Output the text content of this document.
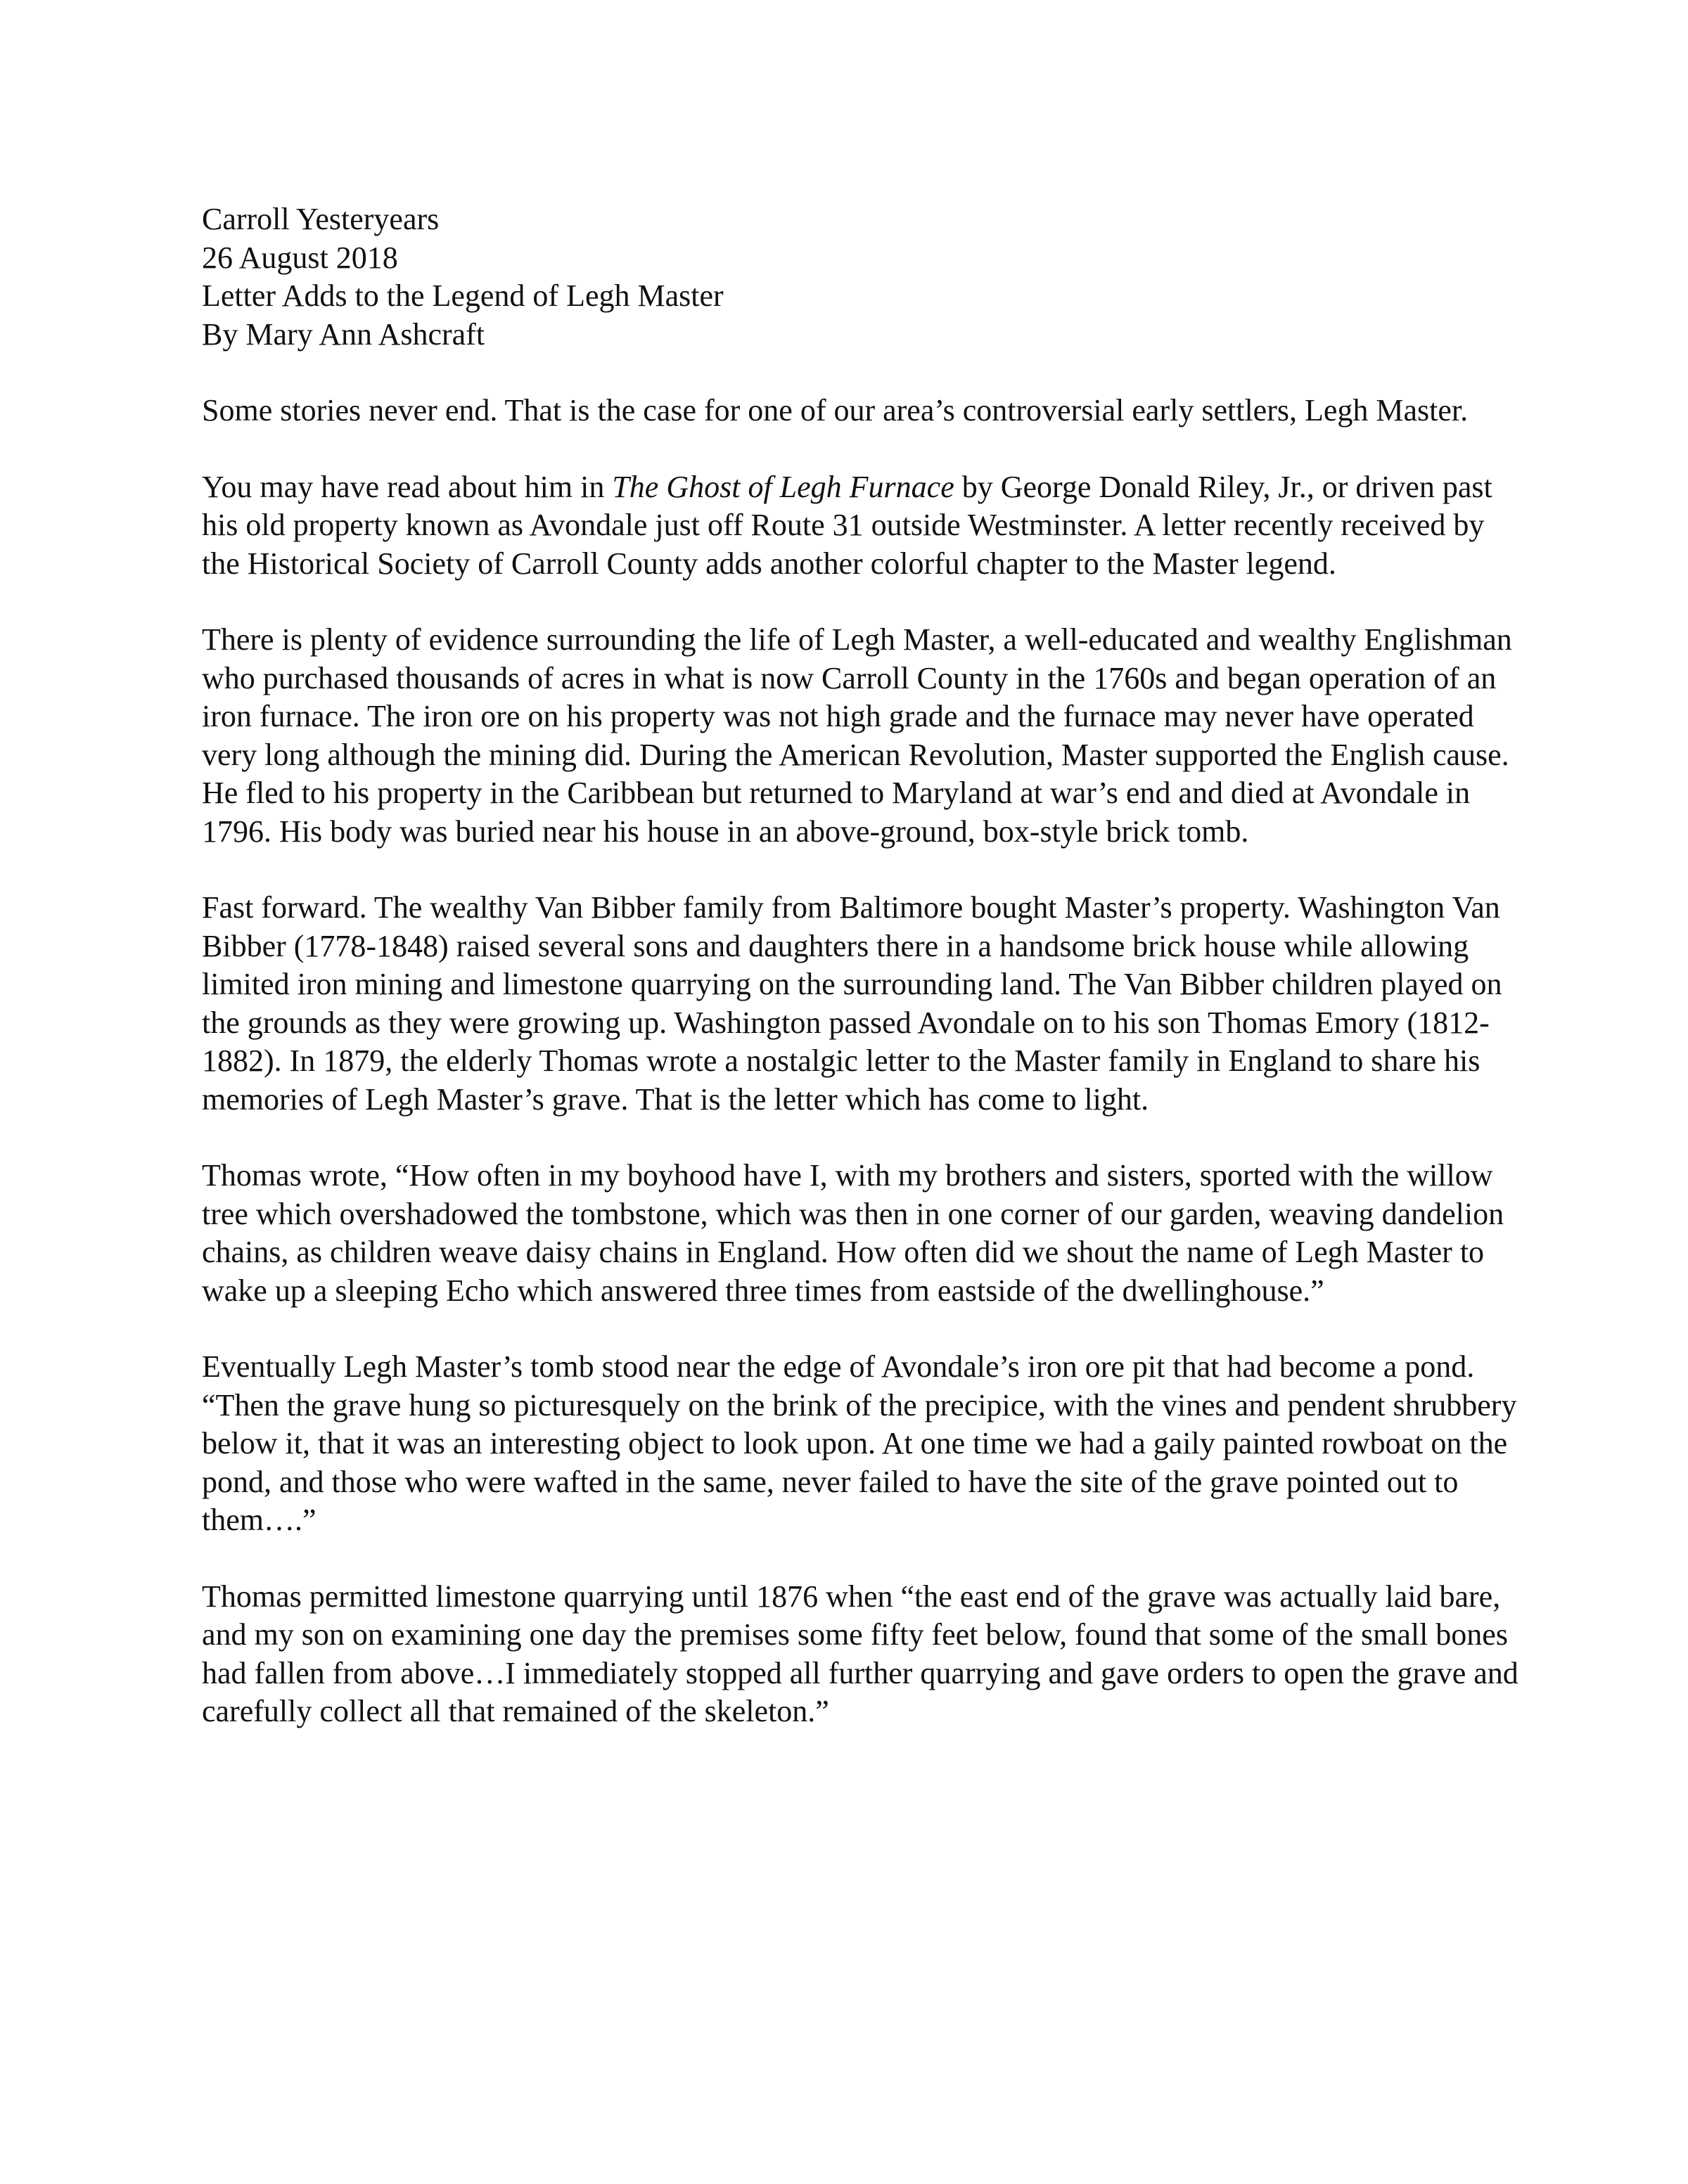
Carroll Yesteryears
26 August 2018
Letter Adds to the Legend of Legh Master
By Mary Ann Ashcraft

Some stories never end. That is the case for one of our area’s controversial early settlers, Legh Master.

You may have read about him in The Ghost of Legh Furnace by George Donald Riley, Jr., or driven past his old property known as Avondale just off Route 31 outside Westminster. A letter recently received by the Historical Society of Carroll County adds another colorful chapter to the Master legend.

There is plenty of evidence surrounding the life of Legh Master, a well-educated and wealthy Englishman who purchased thousands of acres in what is now Carroll County in the 1760s and began operation of an iron furnace. The iron ore on his property was not high grade and the furnace may never have operated very long although the mining did. During the American Revolution, Master supported the English cause. He fled to his property in the Caribbean but returned to Maryland at war’s end and died at Avondale in 1796. His body was buried near his house in an above-ground, box-style brick tomb.

Fast forward. The wealthy Van Bibber family from Baltimore bought Master’s property. Washington Van Bibber (1778-1848) raised several sons and daughters there in a handsome brick house while allowing limited iron mining and limestone quarrying on the surrounding land. The Van Bibber children played on the grounds as they were growing up. Washington passed Avondale on to his son Thomas Emory (1812-1882). In 1879, the elderly Thomas wrote a nostalgic letter to the Master family in England to share his memories of Legh Master’s grave. That is the letter which has come to light.

Thomas wrote, “How often in my boyhood have I, with my brothers and sisters, sported with the willow tree which overshadowed the tombstone, which was then in one corner of our garden, weaving dandelion chains, as children weave daisy chains in England. How often did we shout the name of Legh Master to wake up a sleeping Echo which answered three times from eastside of the dwellinghouse.”

Eventually Legh Master’s tomb stood near the edge of Avondale’s iron ore pit that had become a pond. “Then the grave hung so picturesquely on the brink of the precipice, with the vines and pendent shrubbery below it, that it was an interesting object to look upon. At one time we had a gaily painted rowboat on the pond, and those who were wafted in the same, never failed to have the site of the grave pointed out to them….”

Thomas permitted limestone quarrying until 1876 when “the east end of the grave was actually laid bare, and my son on examining one day the premises some fifty feet below, found that some of the small bones had fallen from above…I immediately stopped all further quarrying and gave orders to open the grave and carefully collect all that remained of the skeleton.”
